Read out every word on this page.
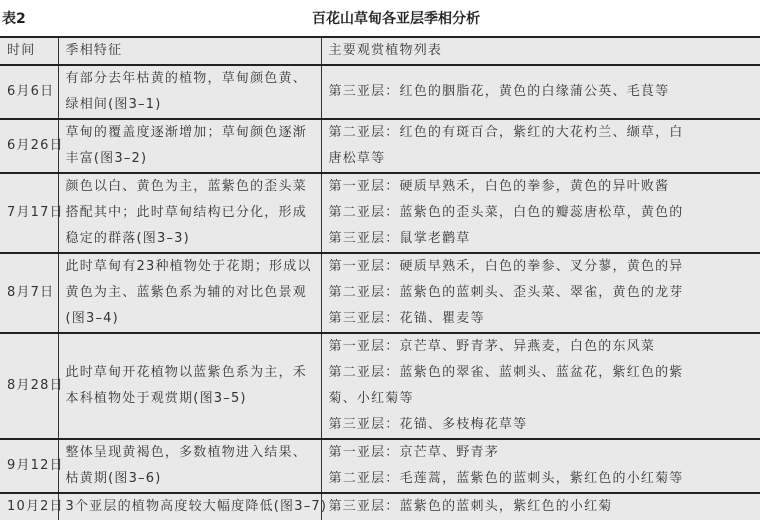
表2	百花山草甸各亚层季相分析
时间	季相特征	主要观赏植物列表
6月6日	有部分去年枯黄的植物，草甸颜色黄、
绿相间(图3–1)	第三亚层：红色的胭脂花，黄色的白缘蒲公英、毛茛等

6月26日	草甸的覆盖度逐渐增加；草甸颜色逐渐
丰富(图3–2)	第二亚层：红色的有斑百合，紫红的大花杓兰、缬草，白
唐松草等

7月17日	颜色以白、黄色为主，蓝紫色的歪头菜
搭配其中；此时草甸结构已分化，形成
稳定的群落(图3–3)	第一亚层：硬质早熟禾，白色的拳参，黄色的异叶败酱
第二亚层：蓝紫色的歪头菜，白色的瓣蕊唐松草，黄色的
第三亚层：鼠掌老鹳草

8月7日	此时草甸有23种植物处于花期；形成以
黄色为主、蓝紫色系为辅的对比色景观
(图3–4)	第一亚层：硬质早熟禾，白色的拳参、叉分蓼，黄色的异
第二亚层：蓝紫色的蓝刺头、歪头菜、翠雀，黄色的龙芽
第三亚层：花锚、瞿麦等

8月28日	此时草甸开花植物以蓝紫色系为主，禾
本科植物处于观赏期(图3–5)	第一亚层：京芒草、野青茅、异燕麦，白色的东风菜
第二亚层：蓝紫色的翠雀、蓝刺头、蓝盆花，紫红色的紫
菊、小红菊等
第三亚层：花锚、多枝梅花草等

9月12日	整体呈现黄褐色，多数植物进入结果、
枯黄期(图3–6)	第一亚层：京芒草、野青茅
第二亚层：毛莲蒿，蓝紫色的蓝刺头，紫红色的小红菊等

10月2日	3个亚层的植物高度较大幅度降低(图3–7)	第三亚层：蓝紫色的蓝刺头，紫红色的小红菊
